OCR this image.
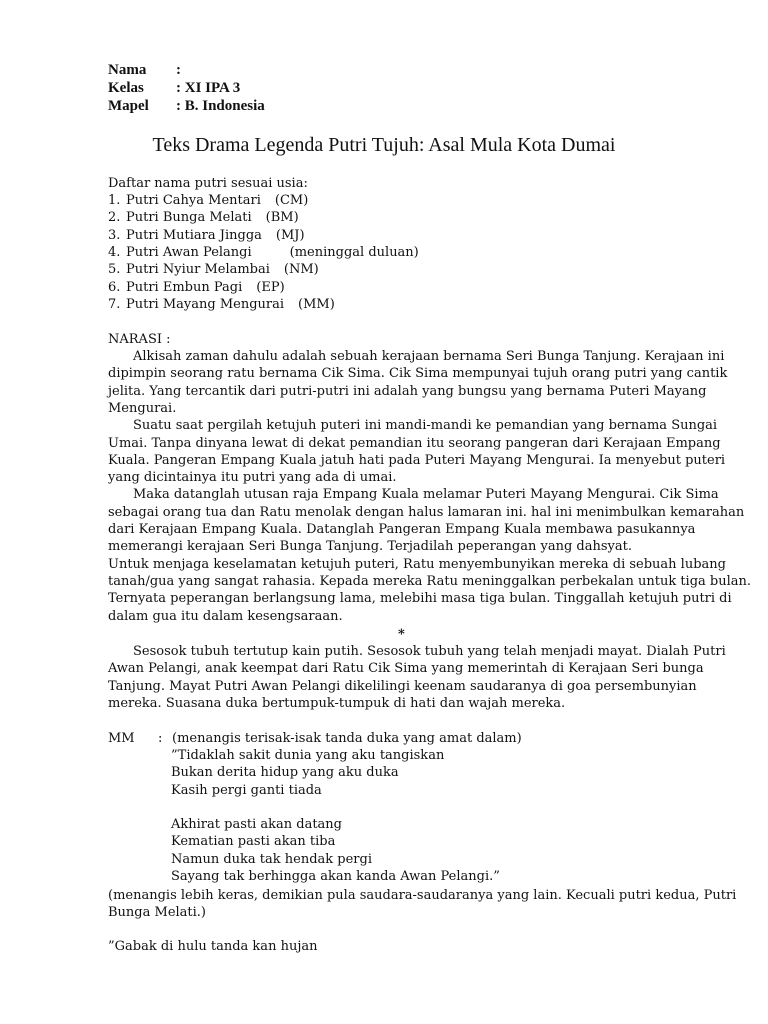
Nama :
Kelas : XI IPA 3
Mapel : B. Indonesia
Teks Drama Legenda Putri Tujuh: Asal Mula Kota Dumai
Daftar nama putri sesuai usia:
1. Putri Cahya Mentari (CM)
2. Putri Bunga Melati (BM)
3. Putri Mutiara Jingga (MJ)
4. Putri Awan Pelangi	(meninggal duluan)
5. Putri Nyiur Melambai (NM)
6. Putri Embun Pagi (EP)
7. Putri Mayang Mengurai (MM)
NARASI :
Alkisah zaman dahulu adalah sebuah kerajaan bernama Seri Bunga Tanjung. Kerajaan ini
dipimpin seorang ratu bernama Cik Sima. Cik Sima mempunyai tujuh orang putri yang cantik
jelita. Yang tercantik dari putri-putri ini adalah yang bungsu yang bernama Puteri Mayang
Mengurai.
Suatu saat pergilah ketujuh puteri ini mandi-mandi ke pemandian yang bernama Sungai
Umai. Tanpa dinyana lewat di dekat pemandian itu seorang pangeran dari Kerajaan Empang
Kuala. Pangeran Empang Kuala jatuh hati pada Puteri Mayang Mengurai. Ia menyebut puteri
yang dicintainya itu putri yang ada di umai.
Maka datanglah utusan raja Empang Kuala melamar Puteri Mayang Mengurai. Cik Sima
sebagai orang tua dan Ratu menolak dengan halus lamaran ini. hal ini menimbulkan kemarahan
dari Kerajaan Empang Kuala. Datanglah Pangeran Empang Kuala membawa pasukannya
memerangi kerajaan Seri Bunga Tanjung. Terjadilah peperangan yang dahsyat.
Untuk menjaga keselamatan ketujuh puteri, Ratu menyembunyikan mereka di sebuah lubang
tanah/gua yang sangat rahasia. Kepada mereka Ratu meninggalkan perbekalan untuk tiga bulan.
Ternyata peperangan berlangsung lama, melebihi masa tiga bulan. Tinggallah ketujuh putri di
dalam gua itu dalam kesengsaraan.
*
Sesosok tubuh tertutup kain putih. Sesosok tubuh yang telah menjadi mayat. Dialah Putri
Awan Pelangi, anak keempat dari Ratu Cik Sima yang memerintah di Kerajaan Seri bunga
Tanjung. Mayat Putri Awan Pelangi dikelilingi keenam saudaranya di goa persembunyian
mereka. Suasana duka bertumpuk-tumpuk di hati dan wajah mereka.
MM : (menangis terisak-isak tanda duka yang amat dalam)
”Tidaklah sakit dunia yang aku tangiskan
Bukan derita hidup yang aku duka
Kasih pergi ganti tiada
Akhirat pasti akan datang
Kematian pasti akan tiba
Namun duka tak hendak pergi
Sayang tak berhingga akan kanda Awan Pelangi.”
(menangis lebih keras, demikian pula saudara-saudaranya yang lain. Kecuali putri kedua, Putri
Bunga Melati.)
”Gabak di hulu tanda kan hujan
